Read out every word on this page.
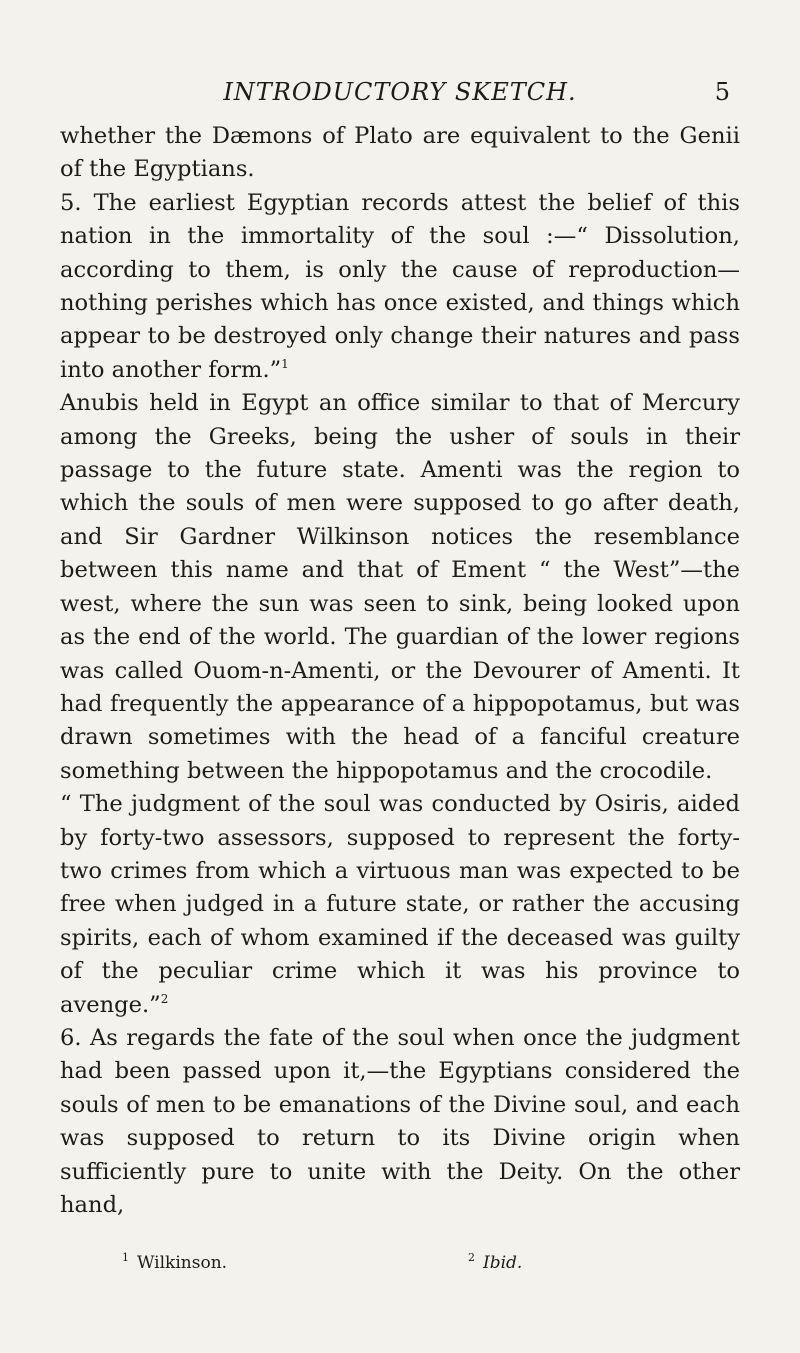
INTRODUCTORY SKETCH.	5

whether the Dæmons of Plato are equivalent to the Genii of the Egyptians.

5. The earliest Egyptian records attest the belief of this nation in the immortality of the soul :—“ Dissolution, according to them, is only the cause of reproduction—nothing perishes which has once existed, and things which appear to be destroyed only change their natures and pass into another form.”$^1$

Anubis held in Egypt an office similar to that of Mercury among the Greeks, being the usher of souls in their passage to the future state. Amenti was the region to which the souls of men were supposed to go after death, and Sir Gardner Wilkinson notices the resemblance between this name and that of Ement “ the West”—the west, where the sun was seen to sink, being looked upon as the end of the world. The guardian of the lower regions was called Ouom-n-Amenti, or the Devourer of Amenti. It had frequently the appearance of a hippopotamus, but was drawn sometimes with the head of a fanciful creature something between the hippopotamus and the crocodile.

“ The judgment of the soul was conducted by Osiris, aided by forty-two assessors, supposed to represent the forty-two crimes from which a virtuous man was expected to be free when judged in a future state, or rather the accusing spirits, each of whom examined if the deceased was guilty of the peculiar crime which it was his province to avenge.”$^2$

6. As regards the fate of the soul when once the judgment had been passed upon it,—the Egyptians considered the souls of men to be emanations of the Divine soul, and each was supposed to return to its Divine origin when sufficiently pure to unite with the Deity. On the other hand,

$^1$ Wilkinson.	$^2$ Ibid.
